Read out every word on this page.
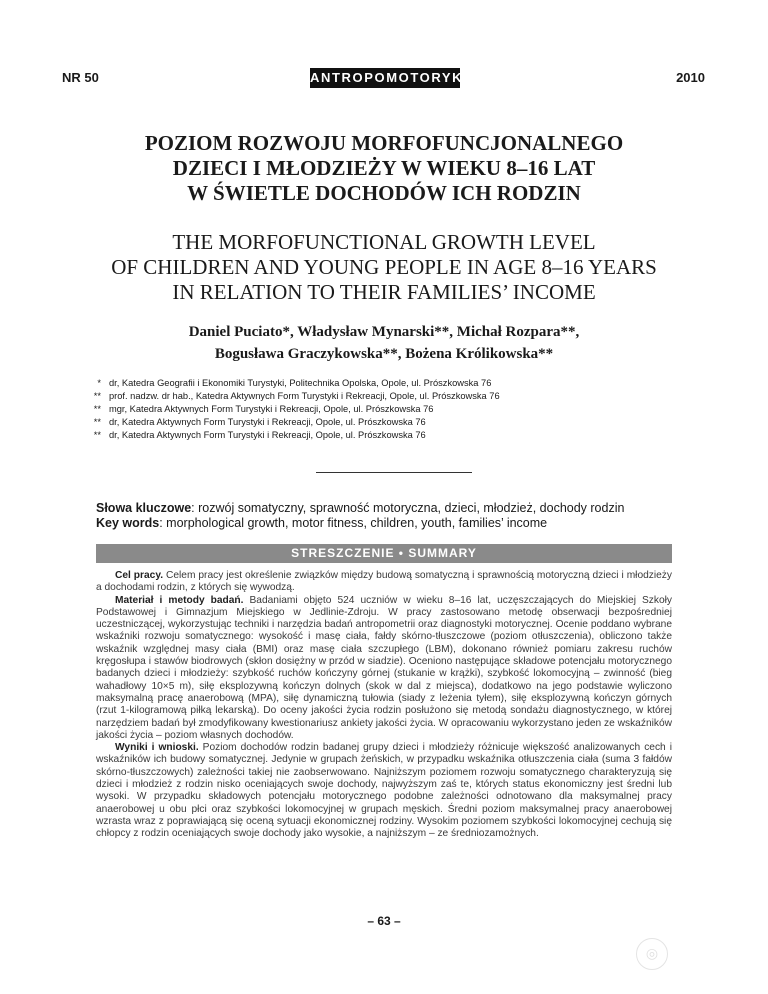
NR 50	ANTROPOMOTORYKA	2010
POZIOM ROZWOJU MORFOFUNCJONALNEGO
DZIECI I MŁODZIEŻY W WIEKU 8–16 LAT
W ŚWIETLE DOCHODÓW ICH RODZIN
THE MORFOFUNCTIONAL GROWTH LEVEL
OF CHILDREN AND YOUNG PEOPLE IN AGE 8–16 YEARS
IN RELATION TO THEIR FAMILIES’ INCOME
Daniel Puciato*, Władysław Mynarski**, Michał Rozpara**,
Bogusława Graczykowska**, Bożena Królikowska**
* dr, Katedra Geografii i Ekonomiki Turystyki, Politechnika Opolska, Opole, ul. Prószkowska 76
** prof. nadzw. dr hab., Katedra Aktywnych Form Turystyki i Rekreacji, Opole, ul. Prószkowska 76
** mgr, Katedra Aktywnych Form Turystyki i Rekreacji, Opole, ul. Prószkowska 76
** dr, Katedra Aktywnych Form Turystyki i Rekreacji, Opole, ul. Prószkowska 76
** dr, Katedra Aktywnych Form Turystyki i Rekreacji, Opole, ul. Prószkowska 76
Słowa kluczowe: rozwój somatyczny, sprawność motoryczna, dzieci, młodzież, dochody rodzin
Key words: morphological growth, motor fitness, children, youth, families’ income
STRESZCZENIE • SUMMARY

Cel pracy. Celem pracy jest określenie związków między budową somatyczną i sprawnością motoryczną dzieci i młodzieży a dochodami rodzin, z których się wywodzą.

Materiał i metody badań. Badaniami objęto 524 uczniów w wieku 8–16 lat, uczęszczających do Miejskiej Szkoły Podstawowej i Gimnazjum Miejskiego w Jedlinie-Zdroju. W pracy zastosowano metodę obserwacji bezpośredniej uczestniczącej, wykorzystując techniki i narzędzia badań antropometrii oraz diagnostyki motorycznej. Ocenie poddano wybrane wskaźniki rozwoju somatycznego: wysokość i masę ciała, fałdy skórno-tłuszczowe (poziom otłuszczenia), obliczono także wskaźnik względnej masy ciała (BMI) oraz masę ciała szczupłego (LBM), dokonano również pomiaru zakresu ruchów kręgosłupa i stawów biodrowych (skłon dosiężny w przód w siadzie). Oceniono następujące składowe potencjału motorycznego badanych dzieci i młodzieży: szybkość ruchów kończyny górnej (stukanie w krążki), szybkość lokomocyjną – zwinność (bieg wahadłowy 10×5 m), siłę eksplozywną kończyn dolnych (skok w dal z miejsca), dodatkowo na jego podstawie wyliczono maksymalną pracę anaerobową (MPA), siłę dynamiczną tułowia (siady z leżenia tyłem), siłę eksplozywną kończyn górnych (rzut 1-kilogramową piłką lekarską). Do oceny jakości życia rodzin posłużono się metodą sondażu diagnostycznego, w której narzędziem badań był zmodyfikowany kwestionariusz ankiety jakości życia. W opracowaniu wykorzystano jeden ze wskaźników jakości życia – poziom własnych dochodów.

Wyniki i wnioski. Poziom dochodów rodzin badanej grupy dzieci i młodzieży różnicuje większość analizowanych cech i wskaźników ich budowy somatycznej. Jedynie w grupach żeńskich, w przypadku wskaźnika otłuszczenia ciała (suma 3 fałdów skórno-tłuszczowych) zależności takiej nie zaobserwowano. Najniższym poziomem rozwoju somatycznego charakteryzują się dzieci i młodzież z rodzin nisko oceniających swoje dochody, najwyższym zaś te, których status ekonomiczny jest średni lub wysoki. W przypadku składowych potencjału motorycznego podobne zależności odnotowano dla maksymalnej pracy anaerobowej u obu płci oraz szybkości lokomocyjnej w grupach męskich. Średni poziom maksymalnej pracy anaerobowej wzrasta wraz z poprawiającą się oceną sytuacji ekonomicznej rodziny. Wysokim poziomem szybkości lokomocyjnej cechują się chłopcy z rodzin oceniających swoje dochody jako wysokie, a najniższym – ze średniozamożnych.

– 63 –
◎
